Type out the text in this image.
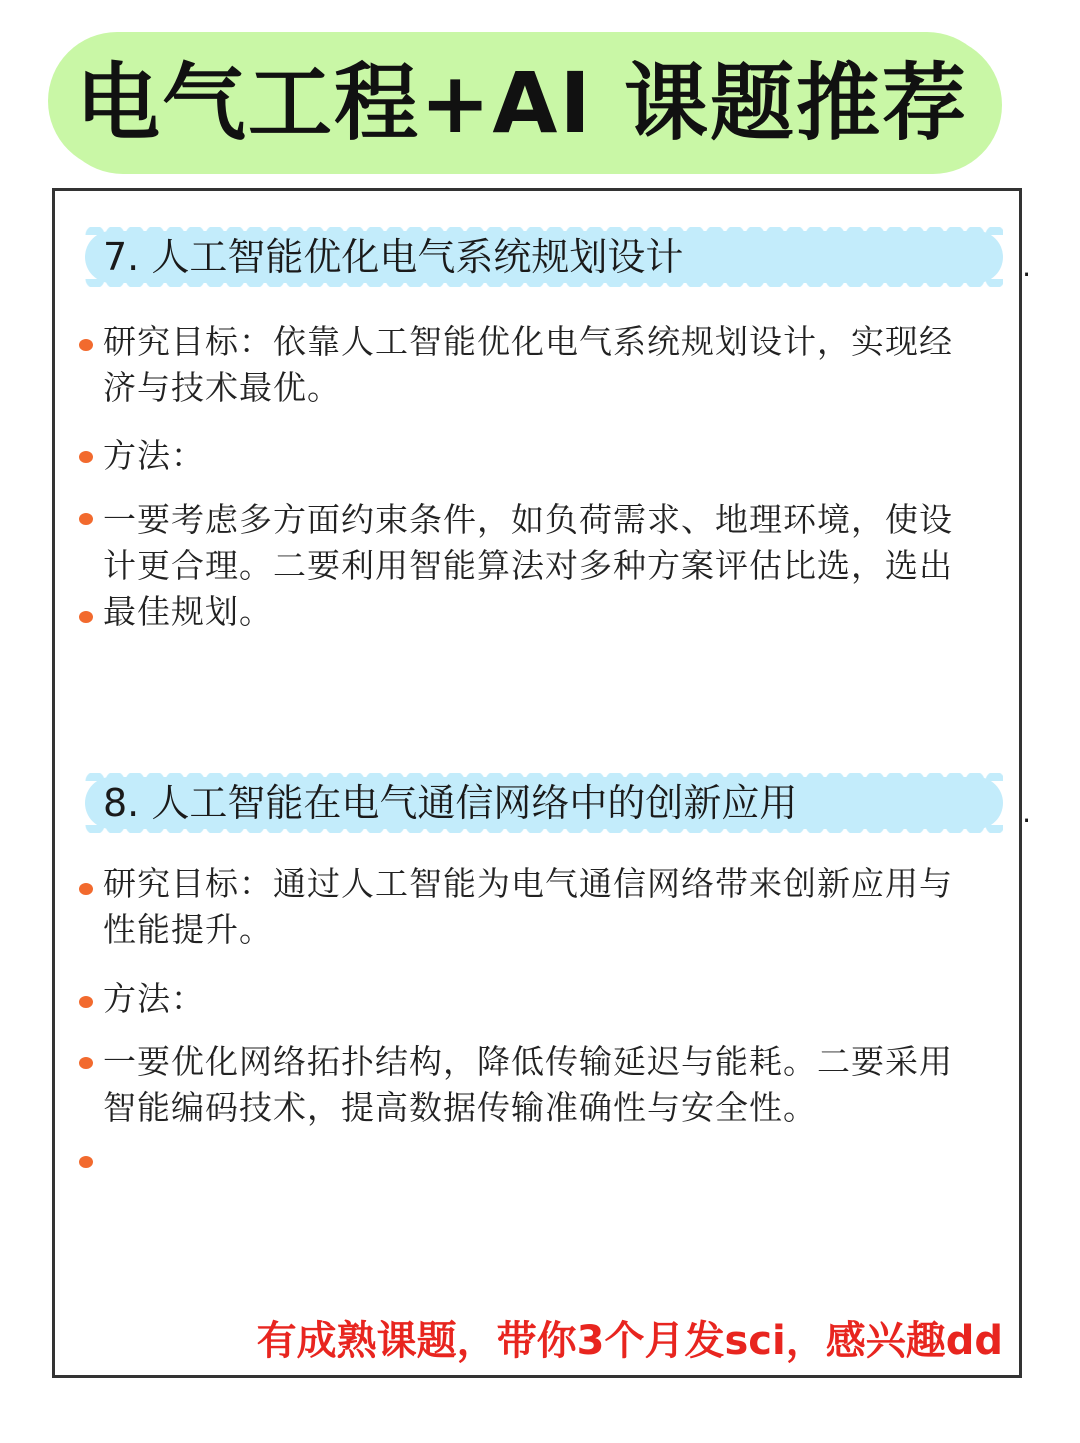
电气工程+AI 课题推荐
7. 人工智能优化电气系统规划设计	.
研究目标：依靠人工智能优化电气系统规划设计，实现经济与技术最优。
方法：
一要考虑多方面约束条件，如负荷需求、地理环境，使设计更合理。二要利用智能算法对多种方案评估比选，选出最佳规划。
8. 人工智能在电气通信网络中的创新应用	.
研究目标：通过人工智能为电气通信网络带来创新应用与性能提升。
方法：
一要优化网络拓扑结构，降低传输延迟与能耗。二要采用智能编码技术，提高数据传输准确性与安全性。
有成熟课题，带你3个月发sci，感兴趣dd
